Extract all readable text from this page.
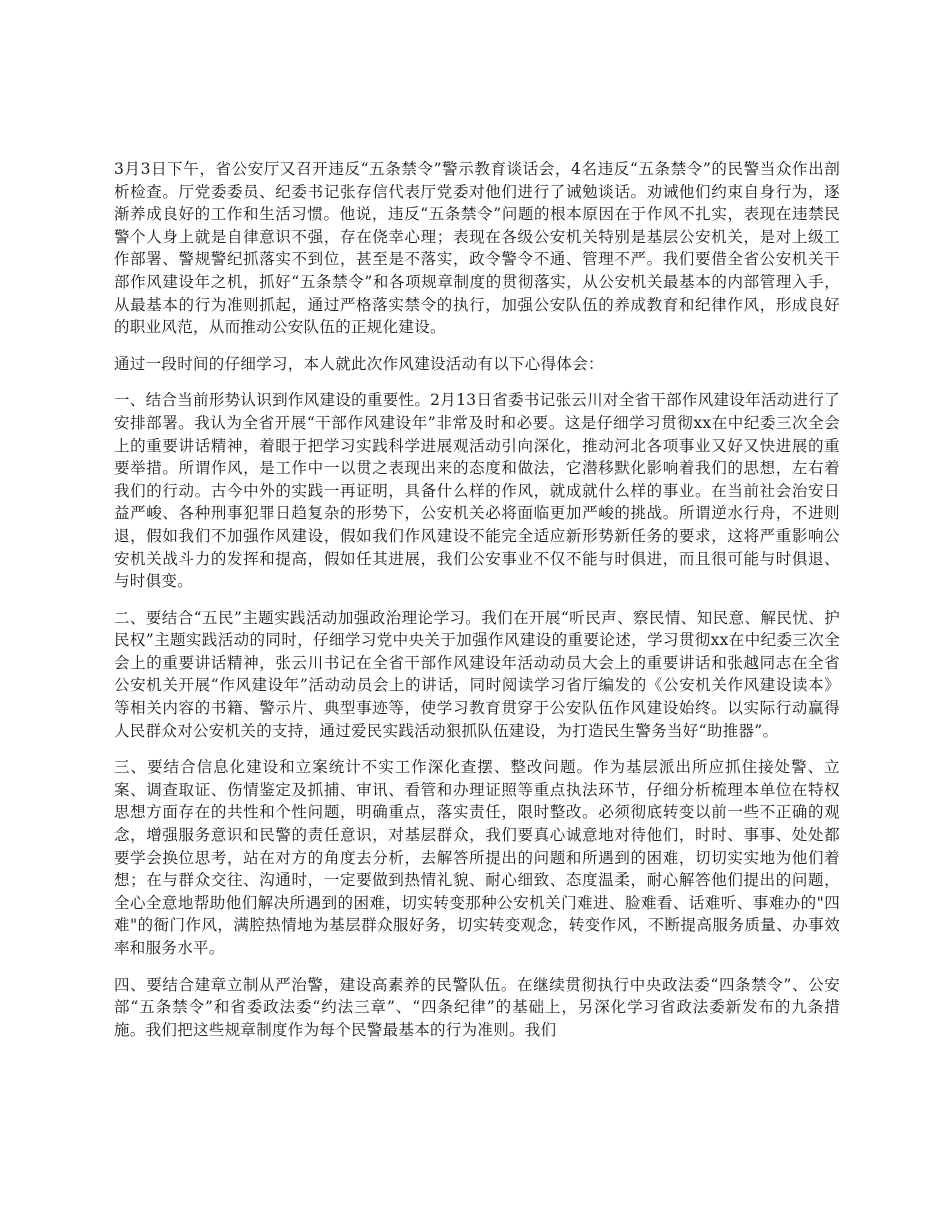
3月3日下午，省公安厅又召开违反“五条禁令”警示教育谈话会，4名违反“五条禁令”的民警当众作出剖析检查。厅党委委员、纪委书记张存信代表厅党委对他们进行了诫勉谈话。劝诫他们约束自身行为，逐渐养成良好的工作和生活习惯。他说，违反“五条禁令”问题的根本原因在于作风不扎实，表现在违禁民警个人身上就是自律意识不强，存在侥幸心理；表现在各级公安机关特别是基层公安机关，是对上级工作部署、警规警纪抓落实不到位，甚至是不落实，政令警令不通、管理不严。我们要借全省公安机关干部作风建设年之机，抓好“五条禁令”和各项规章制度的贯彻落实，从公安机关最基本的内部管理入手，从最基本的行为准则抓起，通过严格落实禁令的执行，加强公安队伍的养成教育和纪律作风，形成良好的职业风范，从而推动公安队伍的正规化建设。

通过一段时间的仔细学习，本人就此次作风建设活动有以下心得体会：

一、结合当前形势认识到作风建设的重要性。2月13日省委书记张云川对全省干部作风建设年活动进行了安排部署。我认为全省开展“干部作风建设年”非常及时和必要。这是仔细学习贯彻xx在中纪委三次全会上的重要讲话精神，着眼于把学习实践科学进展观活动引向深化，推动河北各项事业又好又快进展的重要举措。所谓作风，是工作中一以贯之表现出来的态度和做法，它潜移默化影响着我们的思想，左右着我们的行动。古今中外的实践一再证明，具备什么样的作风，就成就什么样的事业。在当前社会治安日益严峻、各种刑事犯罪日趋复杂的形势下，公安机关必将面临更加严峻的挑战。所谓逆水行舟，不进则退，假如我们不加强作风建设，假如我们作风建设不能完全适应新形势新任务的要求，这将严重影响公安机关战斗力的发挥和提高，假如任其进展，我们公安事业不仅不能与时俱进，而且很可能与时俱退、与时俱变。

二、要结合“五民”主题实践活动加强政治理论学习。我们在开展“听民声、察民情、知民意、解民忧、护民权”主题实践活动的同时，仔细学习党中央关于加强作风建设的重要论述，学习贯彻xx在中纪委三次全会上的重要讲话精神，张云川书记在全省干部作风建设年活动动员大会上的重要讲话和张越同志在全省公安机关开展“作风建设年”活动动员会上的讲话，同时阅读学习省厅编发的《公安机关作风建设读本》等相关内容的书籍、警示片、典型事迹等，使学习教育贯穿于公安队伍作风建设始终。以实际行动赢得人民群众对公安机关的支持，通过爱民实践活动狠抓队伍建设，为打造民生警务当好“助推器”。

三、要结合信息化建设和立案统计不实工作深化查摆、整改问题。作为基层派出所应抓住接处警、立案、调查取证、伤情鉴定及抓捕、审讯、看管和办理证照等重点执法环节，仔细分析梳理本单位在特权思想方面存在的共性和个性问题，明确重点，落实责任，限时整改。必须彻底转变以前一些不正确的观念，增强服务意识和民警的责任意识，对基层群众，我们要真心诚意地对待他们，时时、事事、处处都要学会换位思考，站在对方的角度去分析，去解答所提出的问题和所遇到的困难，切切实实地为他们着想；在与群众交往、沟通时，一定要做到热情礼貌、耐心细致、态度温柔，耐心解答他们提出的问题，全心全意地帮助他们解决所遇到的困难，切实转变那种公安机关门难进、脸难看、话难听、事难办的"四难"的衙门作风，满腔热情地为基层群众服好务，切实转变观念，转变作风，不断提高服务质量、办事效率和服务水平。

四、要结合建章立制从严治警，建设高素养的民警队伍。在继续贯彻执行中央政法委“四条禁令”、公安部“五条禁令”和省委政法委“约法三章”、“四条纪律”的基础上，另深化学习省政法委新发布的九条措施。我们把这些规章制度作为每个民警最基本的行为准则。我们
